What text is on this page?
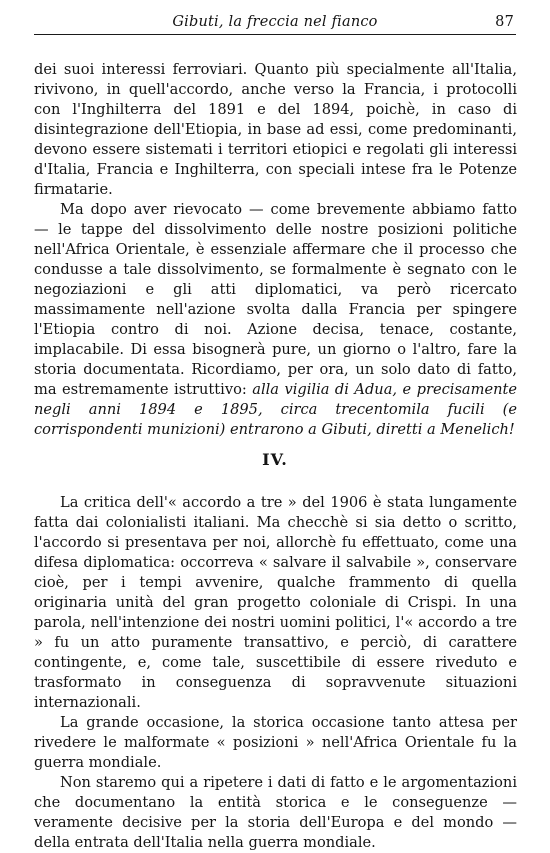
Gibuti, la freccia nel fianco	87

dei suoi interessi ferroviari. Quanto più specialmente all'Italia, rivivono, in quell'accordo, anche verso la Francia, i protocolli con l'Inghilterra del 1891 e del 1894, poichè, in caso di disintegrazione dell'Etiopia, in base ad essi, come predominanti, devono essere sistemati i territori etiopici e regolati gli interessi d'Italia, Francia e Inghilterra, con speciali intese fra le Potenze firmatarie.

Ma dopo aver rievocato — come brevemente abbiamo fatto — le tappe del dissolvimento delle nostre posizioni politiche nell'Africa Orientale, è essenziale affermare che il processo che condusse a tale dissolvimento, se formalmente è segnato con le negoziazioni e gli atti diplomatici, va però ricercato massimamente nell'azione svolta dalla Francia per spingere l'Etiopia contro di noi. Azione decisa, tenace, costante, implacabile. Di essa bisognerà pure, un giorno o l'altro, fare la storia documentata. Ricordiamo, per ora, un solo dato di fatto, ma estremamente istruttivo: alla vigilia di Adua, e precisamente negli anni 1894 e 1895, circa trecentomila fucili (e corrispondenti munizioni) entrarono a Gibuti, diretti a Menelich!

IV.

La critica dell'« accordo a tre » del 1906 è stata lungamente fatta dai colonialisti italiani. Ma checchè si sia detto o scritto, l'accordo si presentava per noi, allorchè fu effettuato, come una difesa diplomatica: occorreva « salvare il salvabile », conservare cioè, per i tempi avvenire, qualche frammento di quella originaria unità del gran progetto coloniale di Crispi. In una parola, nell'intenzione dei nostri uomini politici, l'« accordo a tre » fu un atto puramente transattivo, e perciò, di carattere contingente, e, come tale, suscettibile di essere riveduto e trasformato in conseguenza di sopravvenute situazioni internazionali.

La grande occasione, la storica occasione tanto attesa per rivedere le malformate « posizioni » nell'Africa Orientale fu la guerra mondiale.

Non staremo qui a ripetere i dati di fatto e le argomentazioni che documentano la entità storica e le conseguenze — veramente decisive per la storia dell'Europa e del mondo — della entrata dell'Italia nella guerra mondiale.
